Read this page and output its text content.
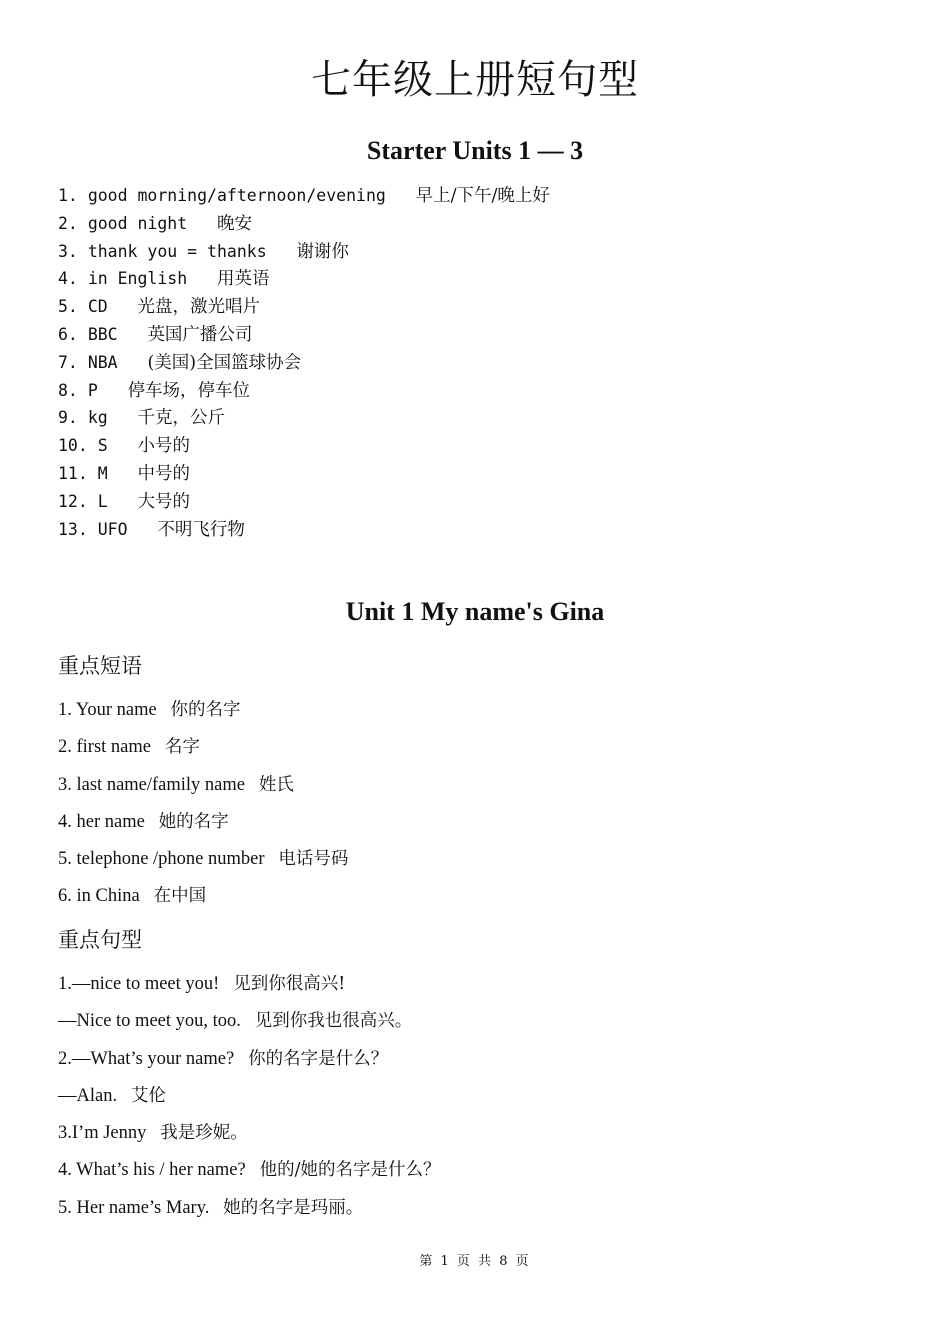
七年级上册短句型
Starter Units 1 — 3
1. good morning/afternoon/evening 早上/下午/晚上好
2. good night 晚安
3. thank you = thanks 谢谢你
4. in English 用英语
5. CD 光盘，激光唱片
6. BBC 英国广播公司
7. NBA (美国)全国篮球协会
8. P 停车场，停车位
9. kg 千克，公斤
10. S 小号的
11. M 中号的
12. L 大号的
13. UFO 不明飞行物
Unit 1 My name's Gina
重点短语
1. Your name 你的名字
2. first name 名字
3. last name/family name 姓氏
4. her name 她的名字
5. telephone /phone number 电话号码
6. in China 在中国
重点句型
1.—nice to meet you! 见到你很高兴!
—Nice to meet you, too. 见到你我也很高兴。
2.—What’s your name? 你的名字是什么？
—Alan. 艾伦
3.I’m Jenny 我是珍妮。
4. What’s his / her name? 他的/她的名字是什么？
5. Her name’s Mary. 她的名字是玛丽。
第 1 页 共 8 页
